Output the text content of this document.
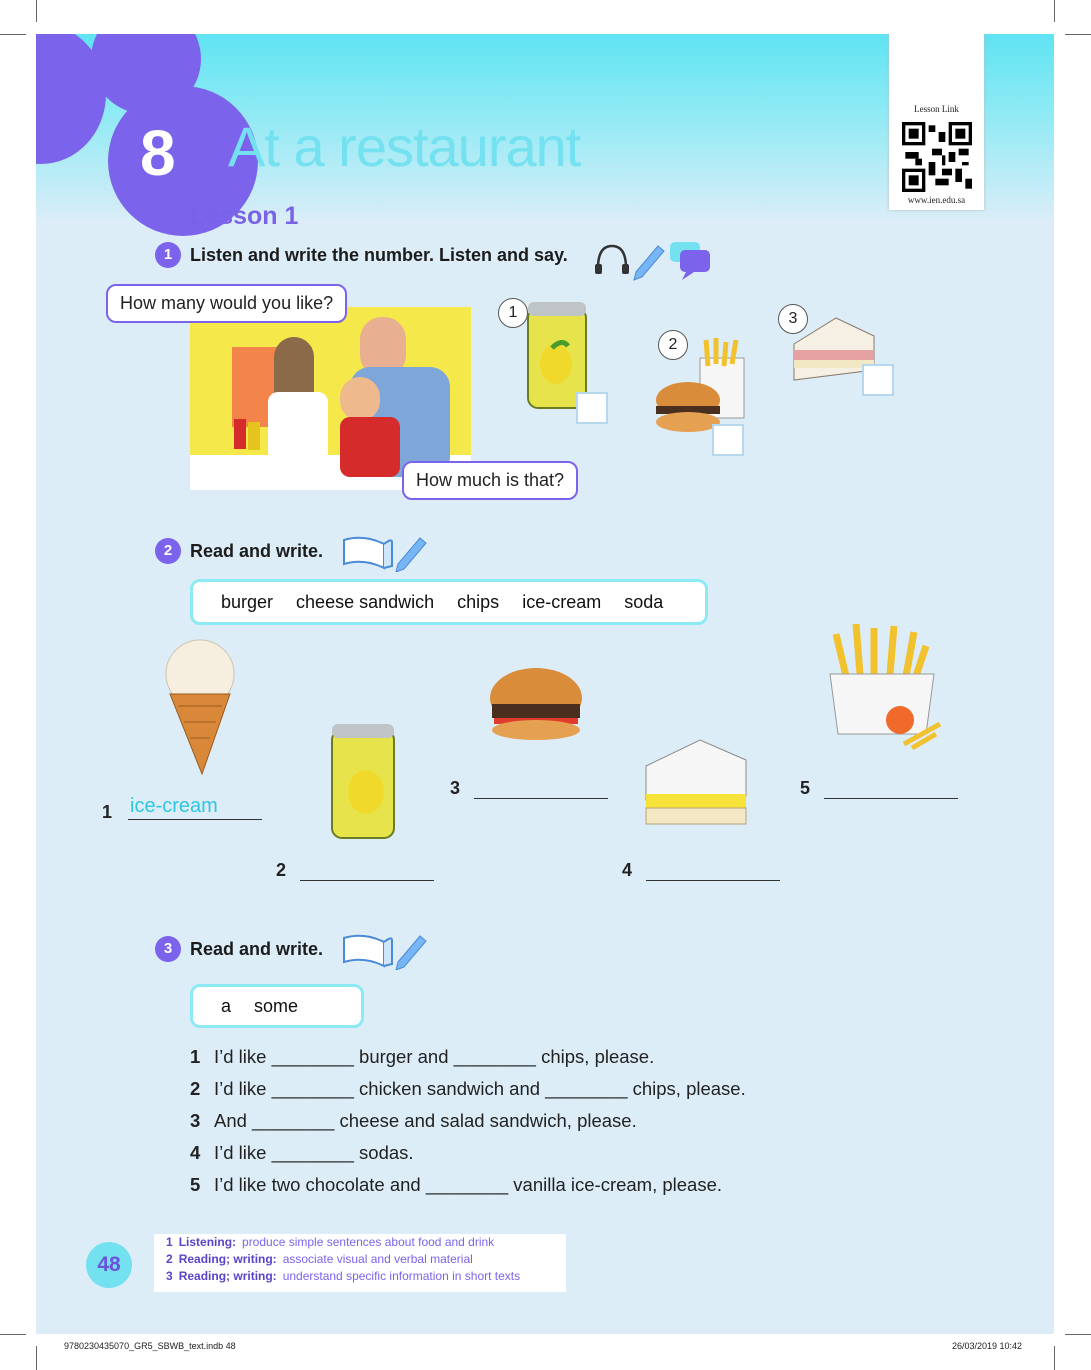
8 At a restaurant
Lesson 1
Lesson Link
www.ien.edu.sa
1 Listen and write the number. Listen and say.
How many would you like?
How much is that?
1
2
3
2 Read and write.
burger cheese sandwich chips ice-cream soda
1 ice-cream
2
3
4
5
3 Read and write.
a some
1 I’d like ________ burger and ________ chips, please.
2 I’d like ________ chicken sandwich and ________ chips, please.
3 And ________ cheese and salad sandwich, please.
4 I’d like ________ sodas.
5 I’d like two chocolate and ________ vanilla ice-cream, please.
48
1 Listening: produce simple sentences about food and drink
2 Reading; writing: associate visual and verbal material
3 Reading; writing: understand specific information in short texts
9780230435070_GR5_SBWB_text.indb 48	26/03/2019 10:42
